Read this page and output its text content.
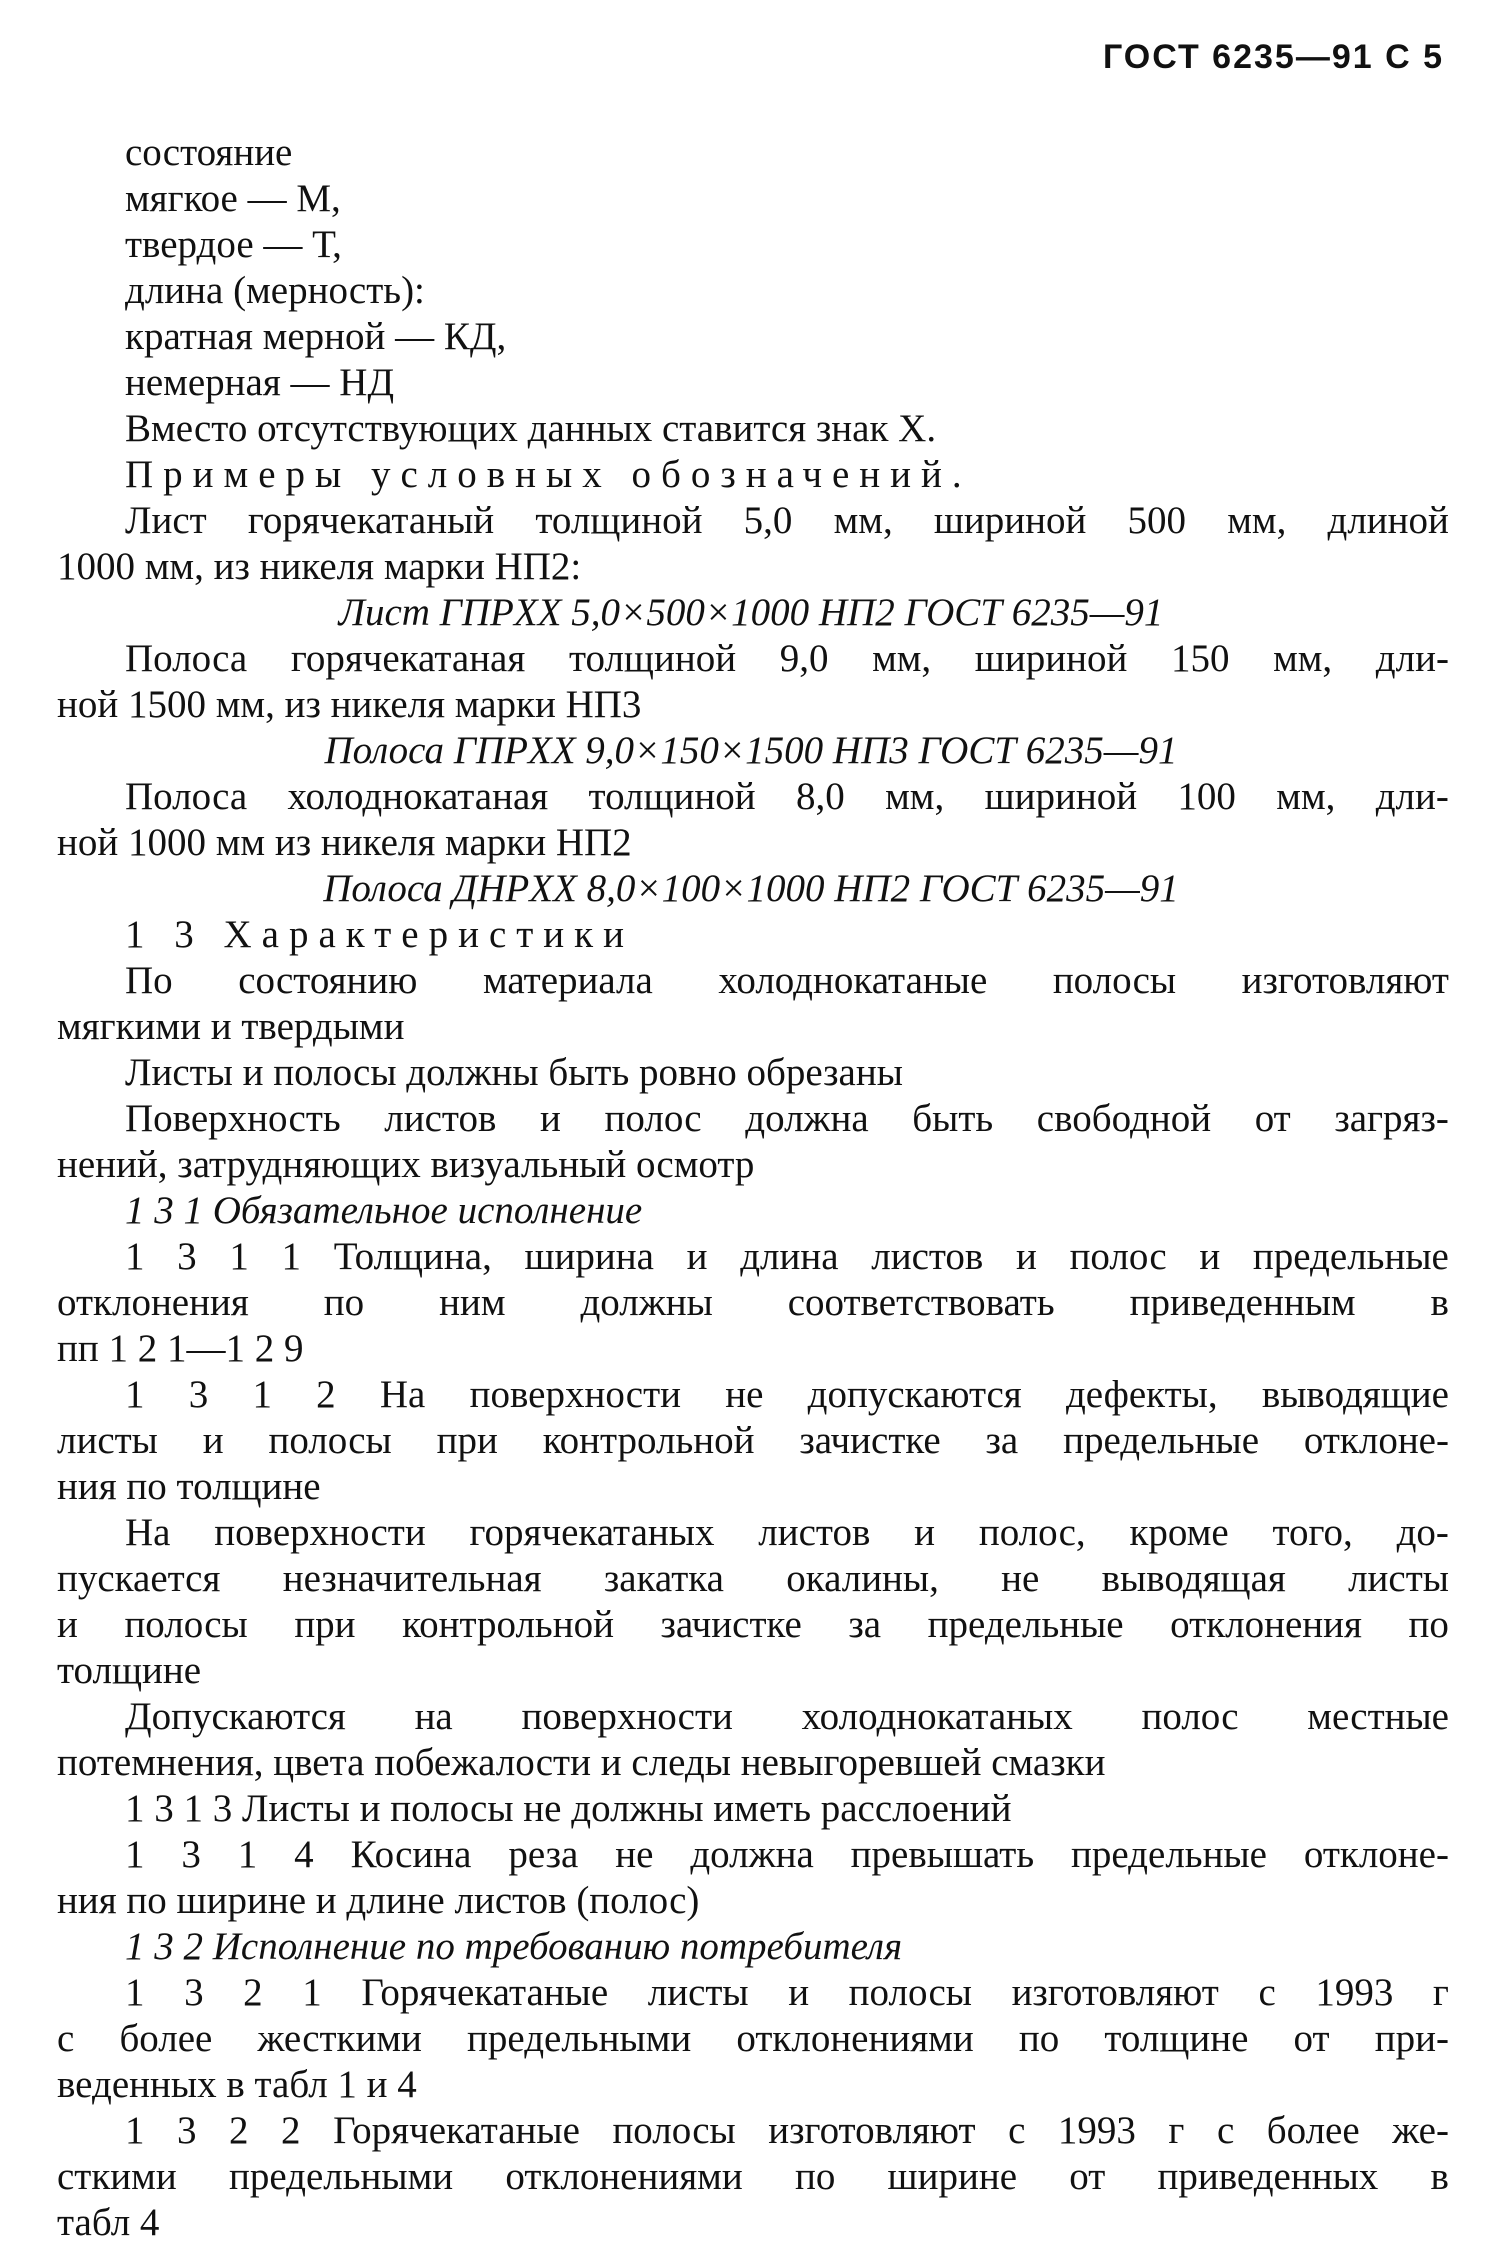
ГОСТ 6235—91 С 5
состояние
мягкое — М,
твердое — Т,
длина (мерность):
кратная мерной — КД,
немерная — НД
Вместо отсутствующих данных ставится знак X.
Примеры условных обозначений.
Лист горячекатаный толщиной 5,0 мм, шириной 500 мм, длиной
1000 мм, из никеля марки НП2:
Лист ГПРXX 5,0×500×1000 НП2 ГОСТ 6235—91
Полоса горячекатаная толщиной 9,0 мм, шириной 150 мм, дли-
ной 1500 мм, из никеля марки НП3
Полоса ГПРXX 9,0×150×1500 НП3 ГОСТ 6235—91
Полоса холоднокатаная толщиной 8,0 мм, шириной 100 мм, дли-
ной 1000 мм из никеля марки НП2
Полоса ДНРXX 8,0×100×1000 НП2 ГОСТ 6235—91
1 3 Характеристики
По состоянию материала холоднокатаные полосы изготовляют
мягкими и твердыми
Листы и полосы должны быть ровно обрезаны
Поверхность листов и полос должна быть свободной от загряз-
нений, затрудняющих визуальный осмотр
1 3 1 Обязательное исполнение
1 3 1 1 Толщина, ширина и длина листов и полос и предельные
отклонения по ним должны соответствовать приведенным в
пп 1 2 1—1 2 9
1 3 1 2 На поверхности не допускаются дефекты, выводящие
листы и полосы при контрольной зачистке за предельные отклоне-
ния по толщине
На поверхности горячекатаных листов и полос, кроме того, до-
пускается незначительная закатка окалины, не выводящая листы
и полосы при контрольной зачистке за предельные отклонения по
толщине
Допускаются на поверхности холоднокатаных полос местные
потемнения, цвета побежалости и следы невыгоревшей смазки
1 3 1 3 Листы и полосы не должны иметь расслоений
1 3 1 4 Косина реза не должна превышать предельные отклоне-
ния по ширине и длине листов (полос)
1 3 2 Исполнение по требованию потребителя
1 3 2 1 Горячекатаные листы и полосы изготовляют с 1993 г
с более жесткими предельными отклонениями по толщине от при-
веденных в табл 1 и 4
1 3 2 2 Горячекатаные полосы изготовляют с 1993 г с более же-
сткими предельными отклонениями по ширине от приведенных в
табл 4
